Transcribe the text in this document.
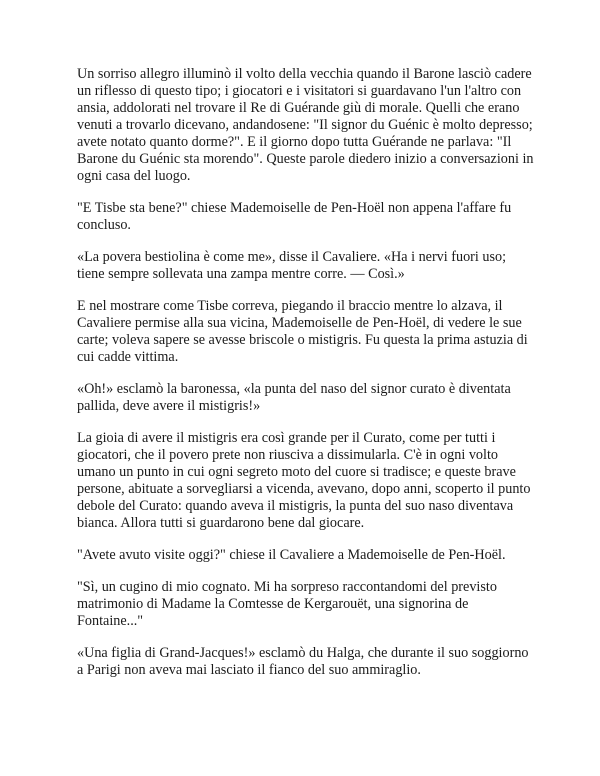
Un sorriso allegro illuminò il volto della vecchia quando il Barone lasciò cadere un riflesso di questo tipo; i giocatori e i visitatori si guardavano l'un l'altro con ansia, addolorati nel trovare il Re di Guérande giù di morale. Quelli che erano venuti a trovarlo dicevano, andandosene: "Il signor du Guénic è molto depresso; avete notato quanto dorme?". E il giorno dopo tutta Guérande ne parlava: "Il Barone du Guénic sta morendo". Queste parole diedero inizio a conversazioni in ogni casa del luogo.

"E Tisbe sta bene?" chiese Mademoiselle de Pen-Hoël non appena l'affare fu concluso.

«La povera bestiolina è come me», disse il Cavaliere. «Ha i nervi fuori uso; tiene sempre sollevata una zampa mentre corre. — Così.»

E nel mostrare come Tisbe correva, piegando il braccio mentre lo alzava, il Cavaliere permise alla sua vicina, Mademoiselle de Pen-Hoël, di vedere le sue carte; voleva sapere se avesse briscole o mistigris. Fu questa la prima astuzia di cui cadde vittima.

«Oh!» esclamò la baronessa, «la punta del naso del signor curato è diventata pallida, deve avere il mistigris!»

La gioia di avere il mistigris era così grande per il Curato, come per tutti i giocatori, che il povero prete non riusciva a dissimularla. C'è in ogni volto umano un punto in cui ogni segreto moto del cuore si tradisce; e queste brave persone, abituate a sorvegliarsi a vicenda, avevano, dopo anni, scoperto il punto debole del Curato: quando aveva il mistigris, la punta del suo naso diventava bianca. Allora tutti si guardarono bene dal giocare.

"Avete avuto visite oggi?" chiese il Cavaliere a Mademoiselle de Pen-Hoël.

"Sì, un cugino di mio cognato. Mi ha sorpreso raccontandomi del previsto matrimonio di Madame la Comtesse de Kergarouët, una signorina de Fontaine..."

«Una figlia di Grand-Jacques!» esclamò du Halga, che durante il suo soggiorno a Parigi non aveva mai lasciato il fianco del suo ammiraglio.
